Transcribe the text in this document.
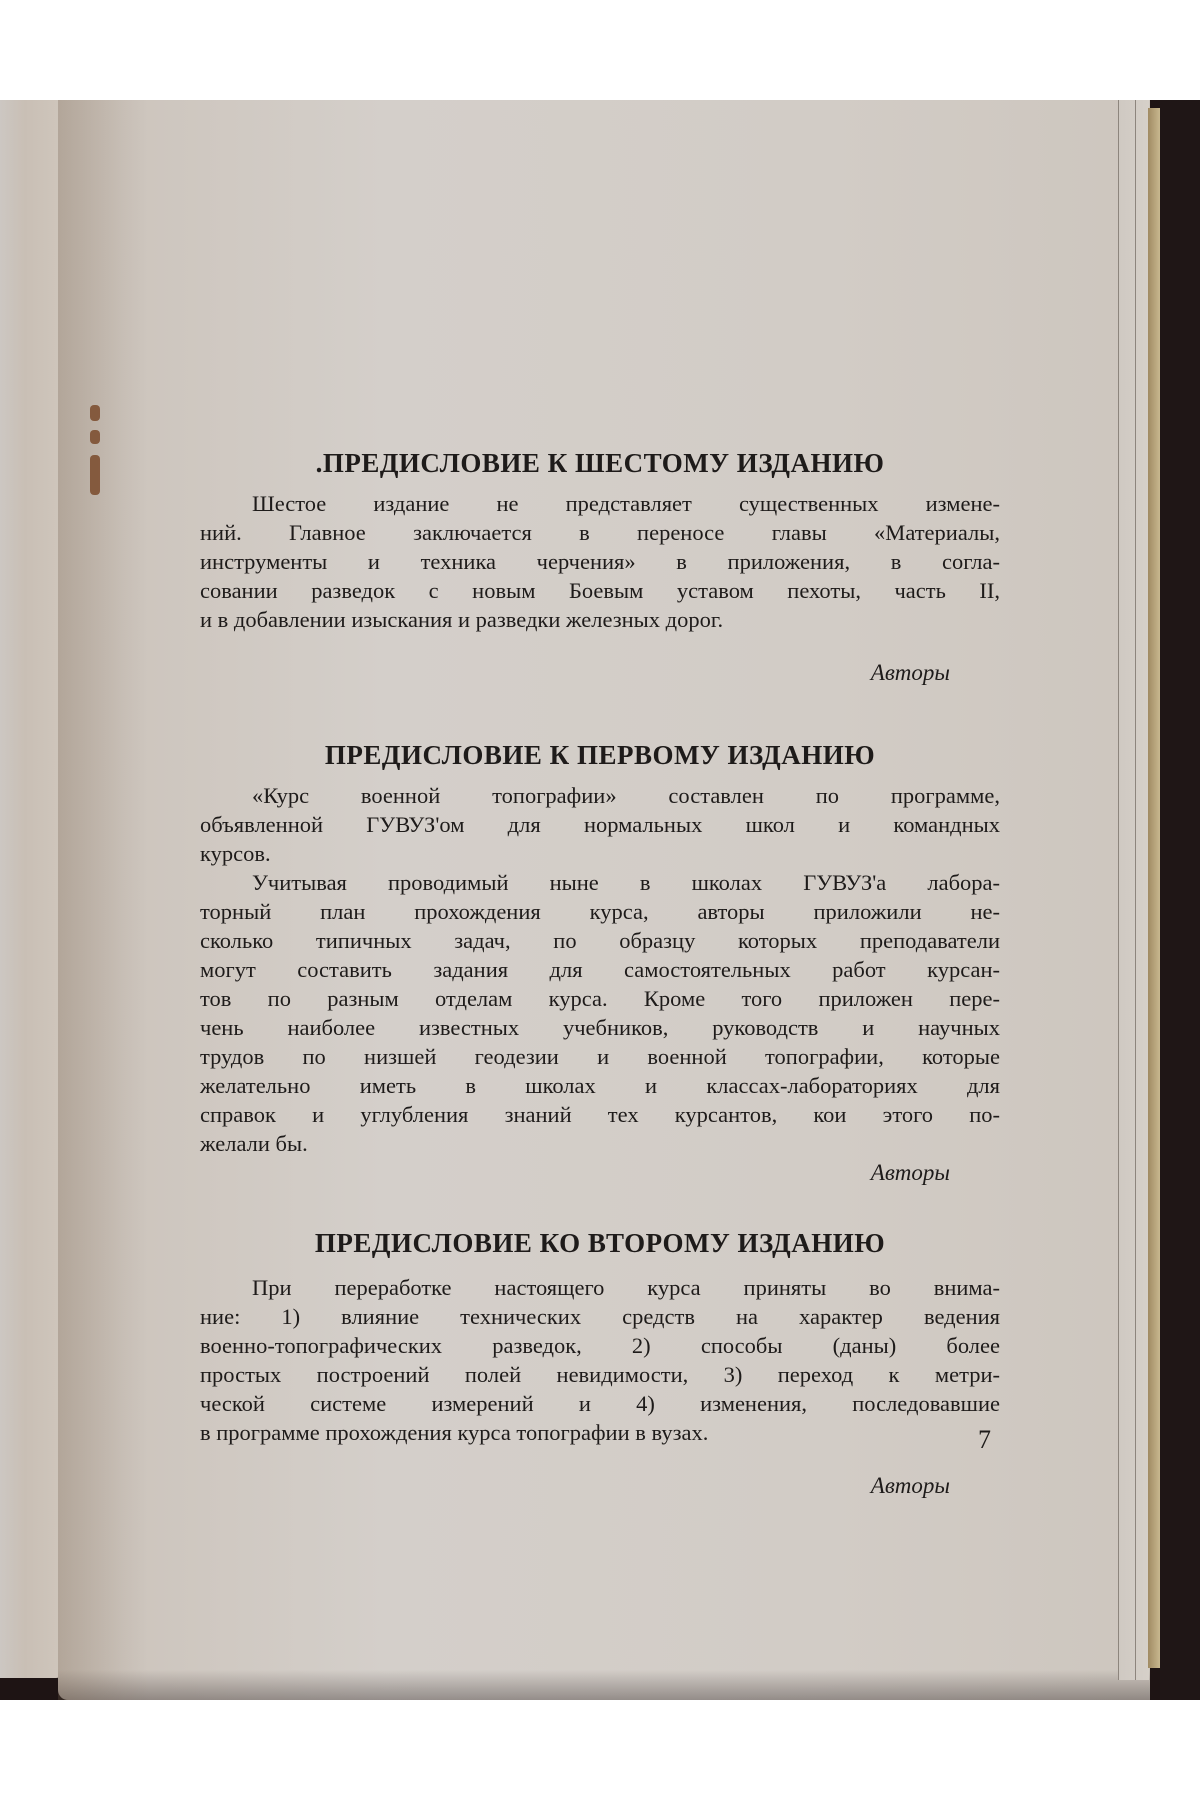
.ПРЕДИСЛОВИЕ К ШЕСТОМУ ИЗДАНИЮ

Шестое издание не представляет существенных измене-
ний. Главное заключается в переносе главы «Материалы,
инструменты и техника черчения» в приложения, в согла-
совании разведок с новым Боевым уставом пехоты, часть II,
и в добавлении изыскания и разведки железных дорог.

Авторы

ПРЕДИСЛОВИЕ К ПЕРВОМУ ИЗДАНИЮ

«Курс военной топографии» составлен по программе,
объявленной ГУВУЗ'ом для нормальных школ и командных
курсов.

Учитывая проводимый ныне в школах ГУВУЗ'а лабора-
торный план прохождения курса, авторы приложили не-
сколько типичных задач, по образцу которых преподаватели
могут составить задания для самостоятельных работ курсан-
тов по разным отделам курса. Кроме того приложен пере-
чень наиболее известных учебников, руководств и научных
трудов по низшей геодезии и военной топографии, которые
желательно иметь в школах и классах-лабораториях для
справок и углубления знаний тех курсантов, кои этого по-
желали бы.

Авторы

ПРЕДИСЛОВИЕ КО ВТОРОМУ ИЗДАНИЮ

При переработке настоящего курса приняты во внима-
ние: 1) влияние технических средств на характер ведения
военно-топографических разведок, 2) способы (даны) более
простых построений полей невидимости, 3) переход к метри-
ческой системе измерений и 4) изменения, последовавшие
в программе прохождения курса топографии в вузах.

Авторы

7
